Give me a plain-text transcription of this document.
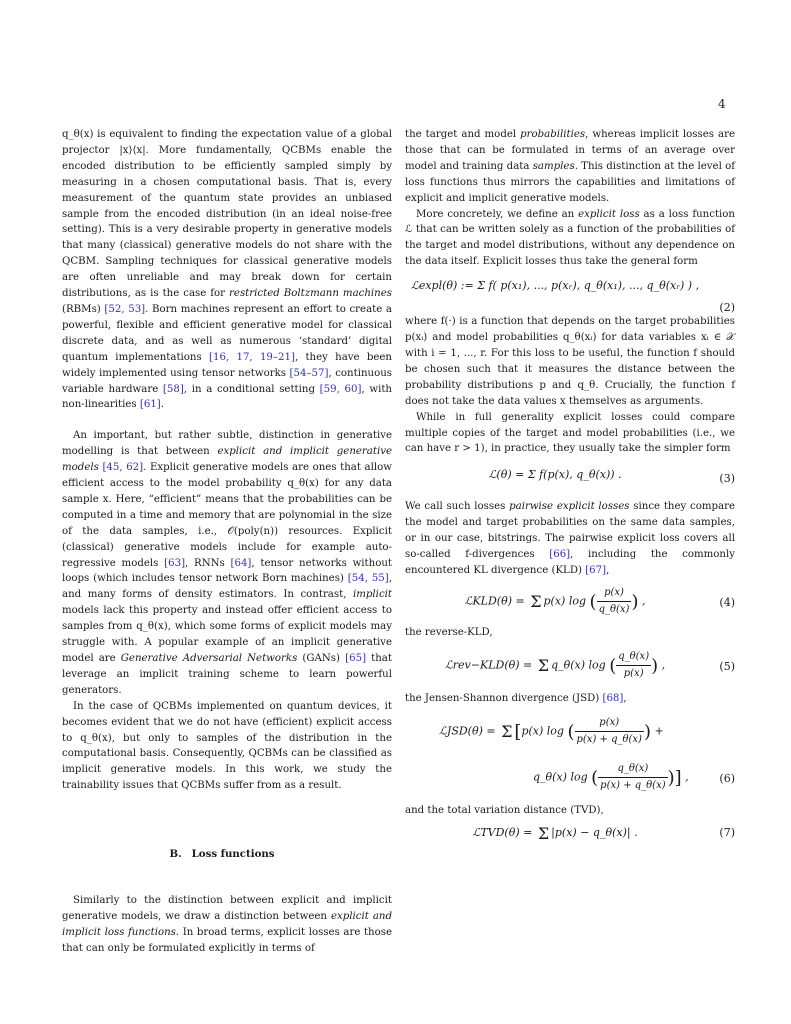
4

q_θ(x) is equivalent to finding the expectation value of a global projector |x⟩⟨x|. More fundamentally, QCBMs enable the encoded distribution to be efficiently sampled simply by measuring in a chosen computational basis. That is, every measurement of the quantum state provides an unbiased sample from the encoded distribution (in an ideal noise-free setting). This is a very desirable property in generative models that many (classical) generative models do not share with the QCBM. Sampling techniques for classical generative models are often unreliable and may break down for certain distributions, as is the case for restricted Boltzmann machines (RBMs) [52, 53]. Born machines represent an effort to create a powerful, flexible and efficient generative model for classical discrete data, and as well as numerous ‘standard’ digital quantum implementations [16, 17, 19–21], they have been widely implemented using tensor networks [54–57], continuous variable hardware [58], in a conditional setting [59, 60], with non-linearities [61].

An important, but rather subtle, distinction in generative modelling is that between explicit and implicit generative models [45, 62]. Explicit generative models are ones that allow efficient access to the model probability q_θ(x) for any data sample x. Here, “efficient” means that the probabilities can be computed in a time and memory that are polynomial in the size of the data samples, i.e., 𝒪(poly(n)) resources. Explicit (classical) generative models include for example auto-regressive models [63], RNNs [64], tensor networks without loops (which includes tensor network Born machines) [54, 55], and many forms of density estimators. In contrast, implicit models lack this property and instead offer efficient access to samples from q_θ(x), which some forms of explicit models may struggle with. A popular example of an implicit generative model are Generative Adversarial Networks (GANs) [65] that leverage an implicit training scheme to learn powerful generators.

In the case of QCBMs implemented on quantum devices, it becomes evident that we do not have (efficient) explicit access to q_θ(x), but only to samples of the distribution in the computational basis. Consequently, QCBMs can be classified as implicit generative models. In this work, we study the trainability issues that QCBMs suffer from as a result.

B. Loss functions

Similarly to the distinction between explicit and implicit generative models, we draw a distinction between explicit and implicit loss functions. In broad terms, explicit losses are those that can only be formulated explicitly in terms of

the target and model probabilities, whereas implicit losses are those that can be formulated in terms of an average over model and training data samples. This distinction at the level of loss functions thus mirrors the capabilities and limitations of explicit and implicit generative models.

More concretely, we define an explicit loss as a loss function ℒ that can be written solely as a function of the probabilities of the target and model distributions, without any dependence on the data itself. Explicit losses thus take the general form

ℒexpl(θ) := Σ f( p(x₁), ..., p(xᵣ), q_θ(x₁), ..., q_θ(xᵣ) ) ,
(2)

where f(·) is a function that depends on the target probabilities p(xᵢ) and model probabilities q_θ(xᵢ) for data variables xᵢ ∈ 𝒳 with i = 1, ..., r. For this loss to be useful, the function f should be chosen such that it measures the distance between the probability distributions p and q_θ. Crucially, the function f does not take the data values x themselves as arguments.

While in full generality explicit losses could compare multiple copies of the target and model probabilities (i.e., we can have r > 1), in practice, they usually take the simpler form

ℒ(θ) = Σ f(p(x), q_θ(x)) .	(3)

We call such losses pairwise explicit losses since they compare the model and target probabilities on the same data samples, or in our case, bitstrings. The pairwise explicit loss covers all so-called f-divergences [66], including the commonly encountered KL divergence (KLD) [67],

ℒKLD(θ) = Σ p(x) log ( $\frac{p(x)}{q\_\theta(x)}$ ) ,	(4)

the reverse-KLD,

ℒrev−KLD(θ) = Σ q_θ(x) log ( $\frac{q\_\theta(x)}{p(x)}$ ) ,	(5)

the Jensen-Shannon divergence (JSD) [68],

ℒJSD(θ) = Σ [p(x) log ( $\frac{p(x)}{p(x) + q\_\theta(x)}$ ) +
q_θ(x) log ( $\frac{q\_\theta(x)}{p(x) + q\_\theta(x)}$ )] ,	(6)

and the total variation distance (TVD),

ℒTVD(θ) = Σ |p(x) − q_θ(x)| .	(7)
